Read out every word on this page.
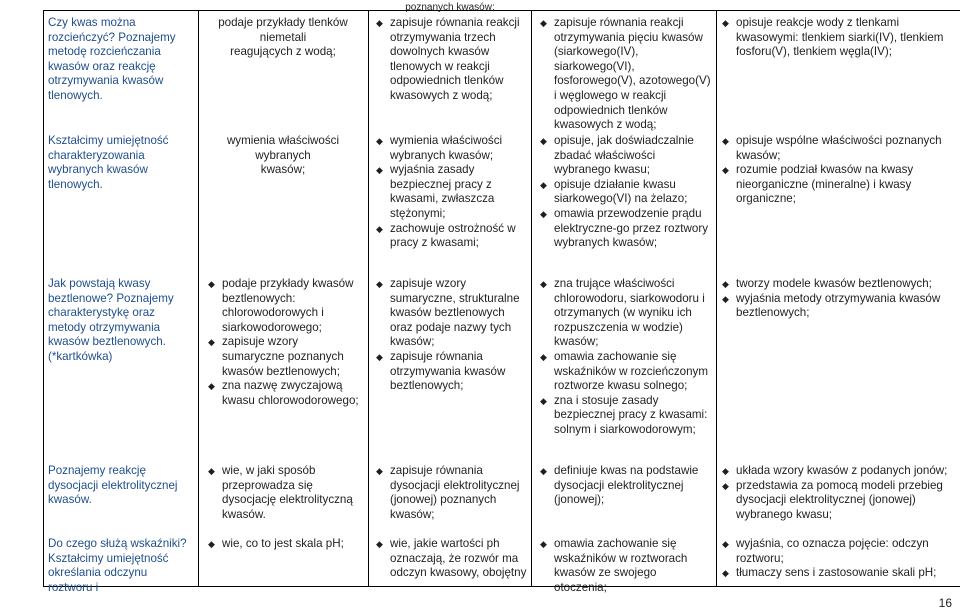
Czy kwas można rozcieńczyć? Poznajemy metodę rozcieńczania kwasów oraz reakcję otrzymywania kwasów tlenowych.
Kształcimy umiejętność charakteryzowania wybranych kwasów tlenowych.
Jak powstają kwasy beztlenowe? Poznajemy charakterystykę oraz metody otrzymywania kwasów beztlenowych. (*kartkówka)
Poznajemy reakcję dysocjacji elektrolitycznej kwasów.
Do czego służą wskaźniki? Kształcimy umiejętność określania odczynu roztworu i
podaje przykłady tlenków niemetali
reagujących z wodą;
wymienia właściwości wybranych
kwasów;
◆ podaje przykłady kwasów beztlenowych:
chlorowodorowych i
siarkowodorowego;
◆ zapisuje wzory sumaryczne poznanych kwasów beztlenowych;
◆ zna nazwę zwyczajową kwasu chlorowodorowego;
◆ wie, w jaki sposób przeprowadza się dysocjację elektrolityczną kwasów.
◆ wie, co to jest skala pH;
poznanych kwasów;
◆ zapisuje równania reakcji otrzymywania trzech dowolnych kwasów tlenowych w reakcji odpowiednich tlenków kwasowych z wodą;
◆ wymienia właściwości wybranych kwasów;
◆ wyjaśnia zasady bezpiecznej pracy z kwasami, zwłaszcza stężonymi;
◆ zachowuje ostrożność w pracy z kwasami;
◆ zapisuje wzory sumaryczne, strukturalne kwasów beztlenowych oraz podaje nazwy tych kwasów;
◆ zapisuje równania otrzymywania kwasów beztlenowych;
◆ zapisuje równania dysocjacji elektrolitycznej (jonowej) poznanych kwasów;
◆ wie, jakie wartości ph oznaczają, że rozwór ma odczyn kwasowy, obojętny
◆ zapisuje równania reakcji otrzymywania pięciu kwasów (siarkowego(IV), siarkowego(VI), fosforowego(V), azotowego(V) i węglowego w reakcji odpowiednich tlenków kwasowych z wodą;
◆ opisuje, jak doświadczalnie zbadać właściwości wybranego kwasu;
◆ opisuje działanie kwasu siarkowego(VI) na żelazo;
◆ omawia przewodzenie prądu elektryczne-go przez roztwory wybranych kwasów;
◆ zna trujące właściwości chlorowodoru, siarkowodoru i otrzymanych (w wyniku ich rozpuszczenia w wodzie) kwasów;
◆ omawia zachowanie się wskaźników w rozcieńczonym roztworze kwasu solnego;
◆ zna i stosuje zasady bezpiecznej pracy z kwasami: solnym i siarkowodorowym;
◆ definiuje kwas na podstawie dysocjacji elektrolitycznej (jonowej);
◆ omawia zachowanie się wskaźników w roztworach kwasów ze swojego otoczenia;
◆ opisuje reakcje wody z tlenkami kwasowymi: tlenkiem siarki(IV), tlenkiem fosforu(V), tlenkiem węgla(IV);
◆ opisuje wspólne właściwości poznanych kwasów;
◆ rozumie podział kwasów na kwasy nieorganiczne (mineralne) i kwasy organiczne;
◆ tworzy modele kwasów beztlenowych;
◆ wyjaśnia metody otrzymywania kwasów beztlenowych;
◆ układa wzory kwasów z podanych jonów;
◆ przedstawia za pomocą modeli przebieg dysocjacji elektrolitycznej (jonowej) wybranego kwasu;
◆ wyjaśnia, co oznacza pojęcie: odczyn roztworu;
◆ tłumaczy sens i zastosowanie skali pH;
16
